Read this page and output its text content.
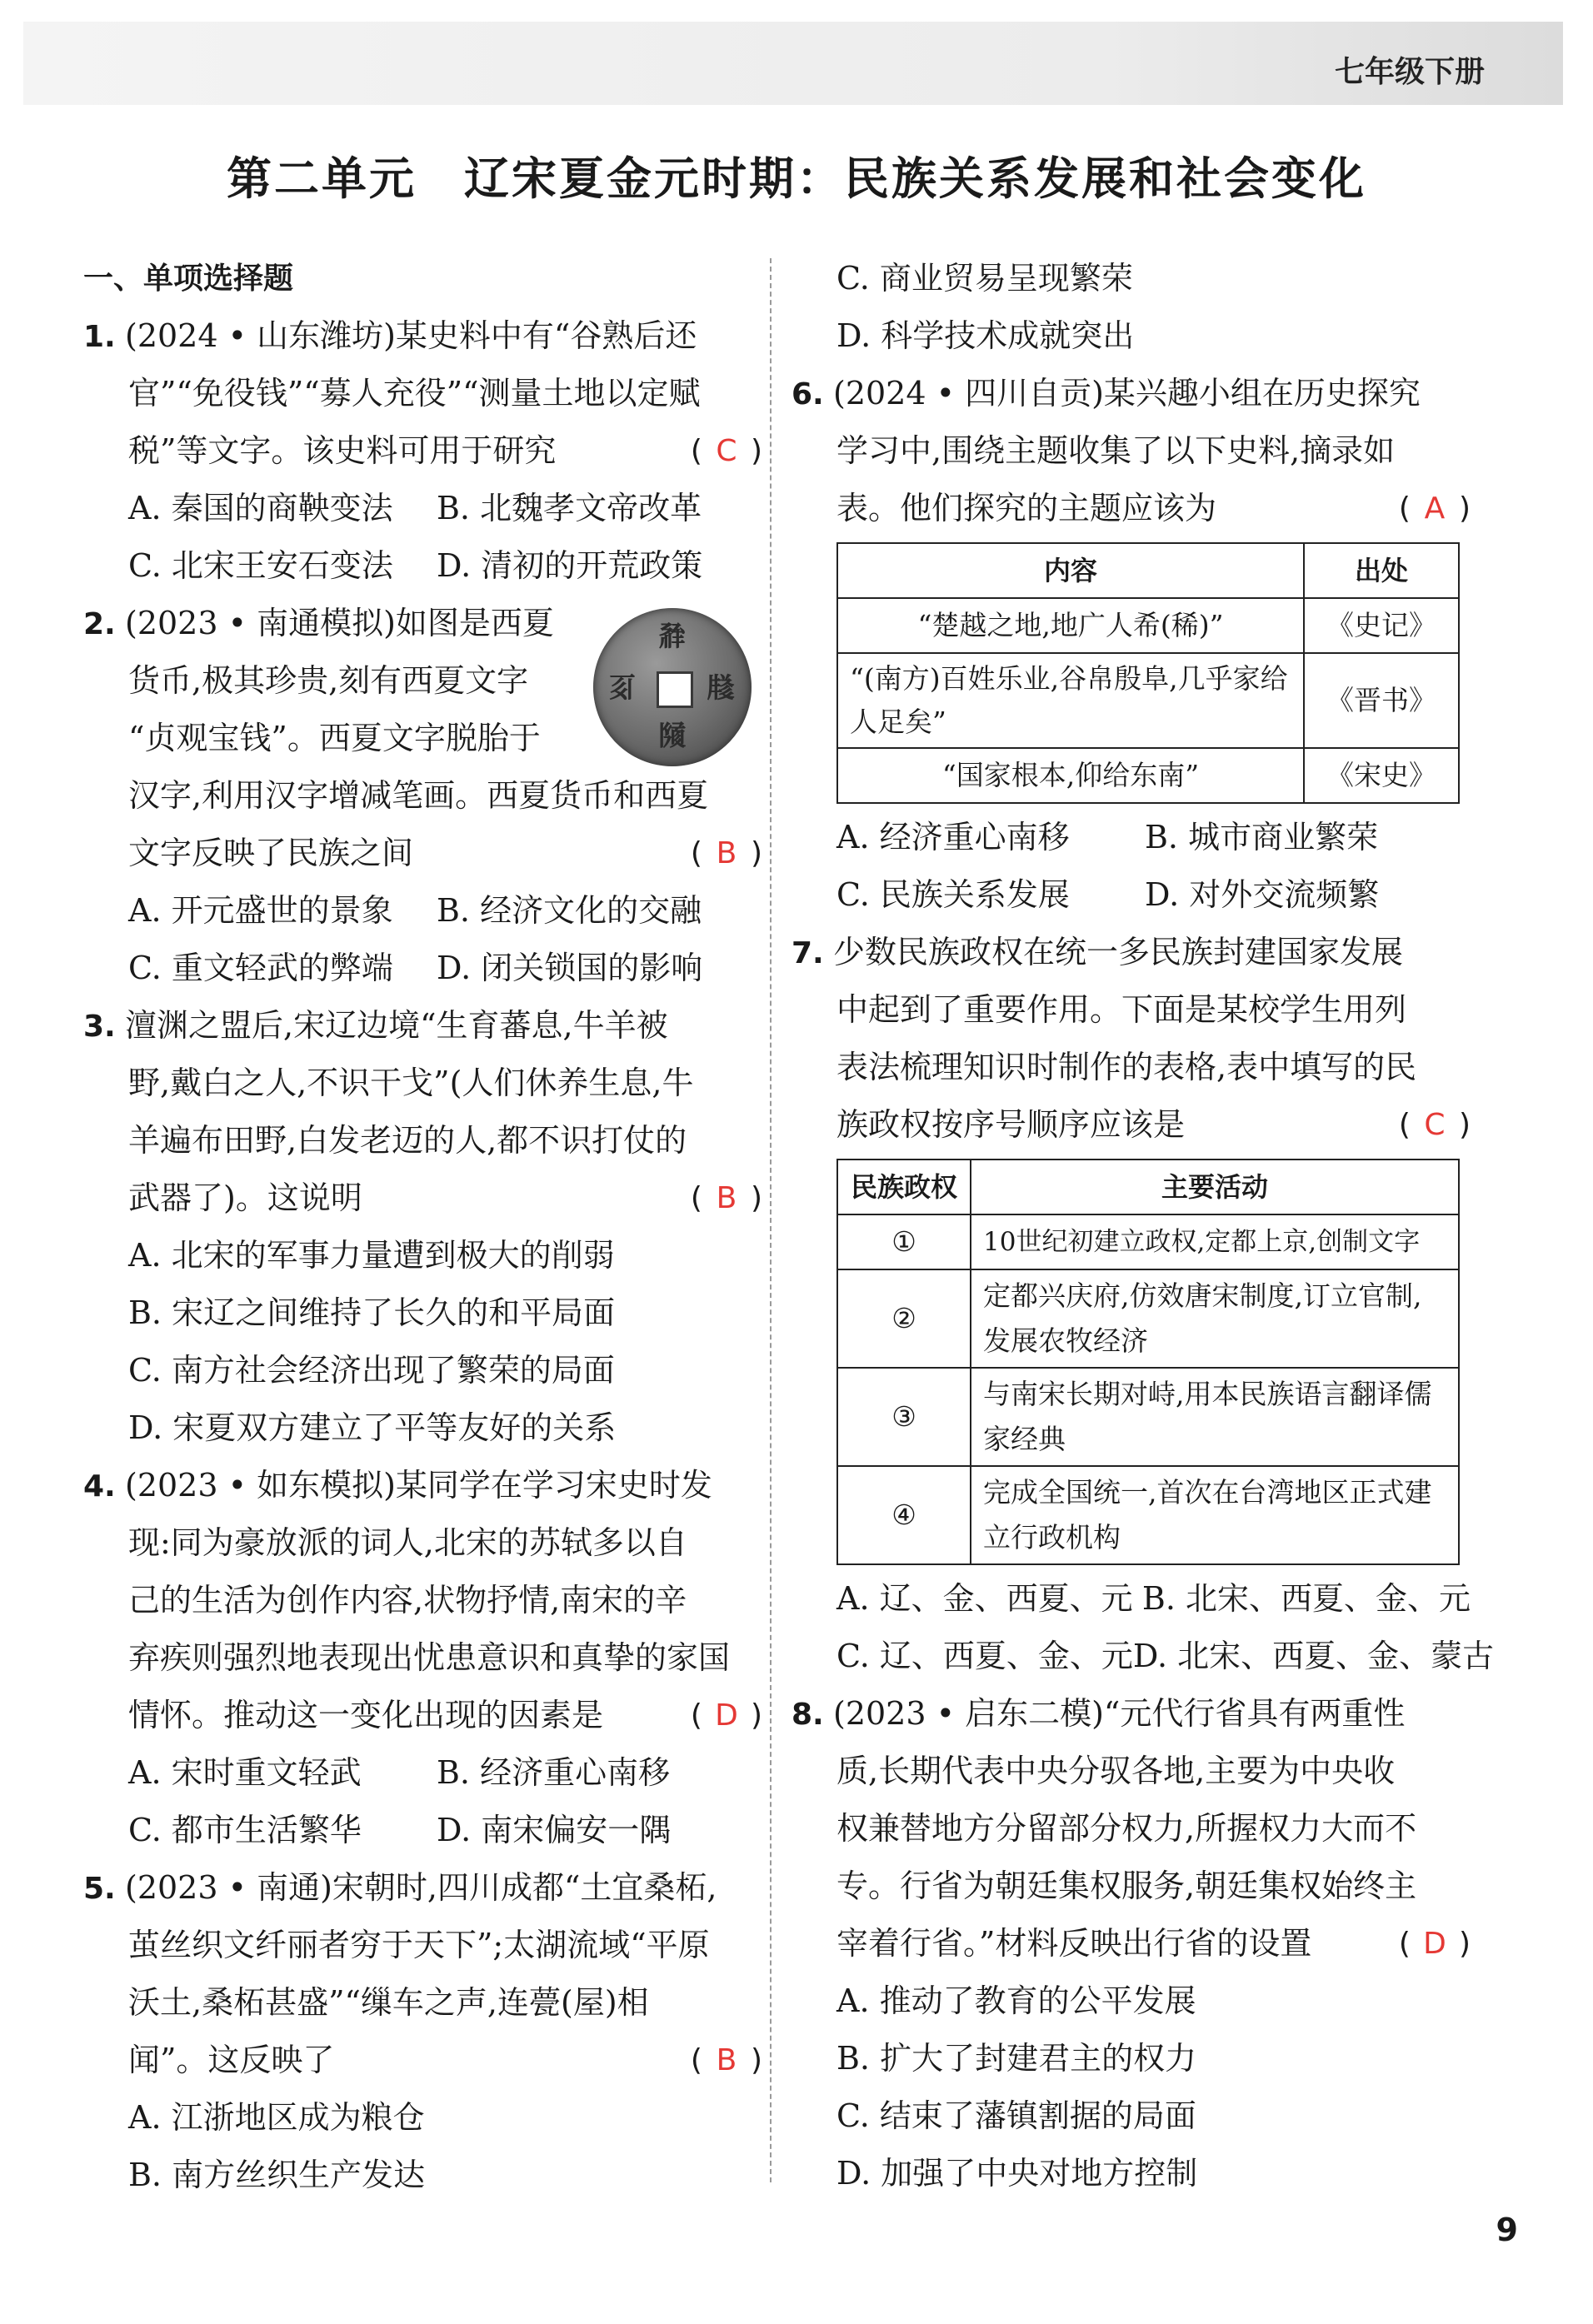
七年级下册
第二单元　辽宋夏金元时期：民族关系发展和社会变化
一、单项选择题
1. (2024 • 山东潍坊)某史料中有“谷熟后还
官”“免役钱”“募人充役”“测量土地以定赋
税”等文字。该史料可用于研究	( C )
A. 秦国的商鞅变法	B. 北魏孝文帝改革
C. 北宋王安石变法	D. 清初的开荒政策
2. (2023 • 南通模拟)如图是西夏
货币,极其珍贵,刻有西夏文字
“贞观宝钱”。西夏文字脱胎于
汉字,利用汉字增减笔画。西夏货币和西夏
文字反映了民族之间	( B )
A. 开元盛世的景象	B. 经济文化的交融
C. 重文轻武的弊端	D. 闭关锁国的影响
3. 澶渊之盟后,宋辽边境“生育蕃息,牛羊被
野,戴白之人,不识干戈”(人们休养生息,牛
羊遍布田野,白发老迈的人,都不识打仗的
武器了)。这说明	( B )
A. 北宋的军事力量遭到极大的削弱
B. 宋辽之间维持了长久的和平局面
C. 南方社会经济出现了繁荣的局面
D. 宋夏双方建立了平等友好的关系
4. (2023 • 如东模拟)某同学在学习宋史时发
现:同为豪放派的词人,北宋的苏轼多以自
己的生活为创作内容,状物抒情,南宋的辛
弃疾则强烈地表现出忧患意识和真挚的家国
情怀。推动这一变化出现的因素是	( D )
A. 宋时重文轻武	B. 经济重心南移
C. 都市生活繁华	D. 南宋偏安一隅
5. (2023 • 南通)宋朝时,四川成都“土宜桑柘,
茧丝织文纤丽者穷于天下”;太湖流域“平原
沃土,桑柘甚盛”“缫车之声,连甍(屋)相
闻”。这反映了	( B )
A. 江浙地区成为粮仓
B. 南方丝织生产发达
𗴂
𗹦
𗂧
𘈩
C. 商业贸易呈现繁荣
D. 科学技术成就突出
6. (2024 • 四川自贡)某兴趣小组在历史探究
学习中,围绕主题收集了以下史料,摘录如
表。他们探究的主题应该为	( A )
内容	出处
“楚越之地,地广人希(稀)”	《史记》
“(南方)百姓乐业,谷帛殷阜,几乎家给人足矣”	《晋书》
“国家根本,仰给东南”	《宋史》
A. 经济重心南移	B. 城市商业繁荣
C. 民族关系发展	D. 对外交流频繁
7. 少数民族政权在统一多民族封建国家发展
中起到了重要作用。下面是某校学生用列
表法梳理知识时制作的表格,表中填写的民
族政权按序号顺序应该是	( C )
民族政权	主要活动
①	10世纪初建立政权,定都上京,创制文字
②	定都兴庆府,仿效唐宋制度,订立官制,发展农牧经济
③	与南宋长期对峙,用本民族语言翻译儒家经典
④	完成全国统一,首次在台湾地区正式建立行政机构
A. 辽、金、西夏、元 B. 北宋、西夏、金、元
C. 辽、西夏、金、元 D. 北宋、西夏、金、蒙古
8. (2023 • 启东二模)“元代行省具有两重性
质,长期代表中央分驭各地,主要为中央收
权兼替地方分留部分权力,所握权力大而不
专。行省为朝廷集权服务,朝廷集权始终主
宰着行省。”材料反映出行省的设置	( D )
A. 推动了教育的公平发展
B. 扩大了封建君主的权力
C. 结束了藩镇割据的局面
D. 加强了中央对地方控制
9
